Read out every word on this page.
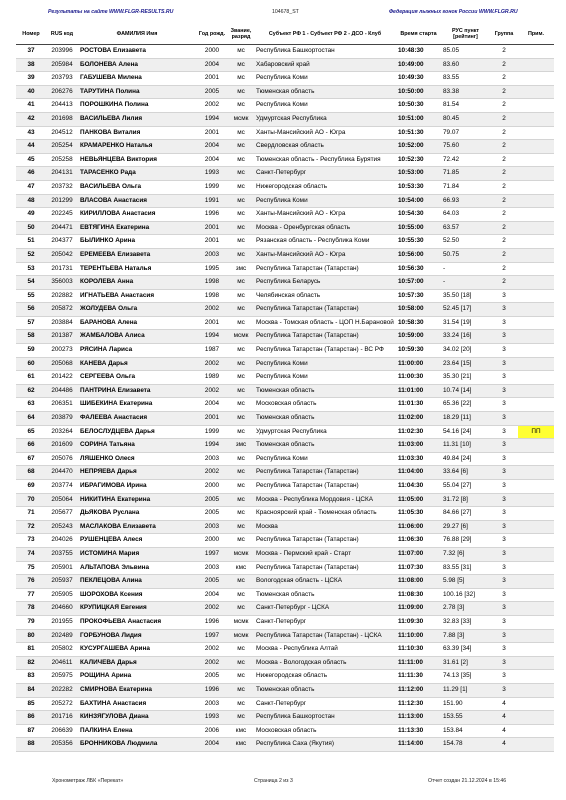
Результаты на сайте WWW.FLGR-RESULTS.RU	104678_ST	Федерация лыжных гонок России WWW.FLGR.RU
Номер	RUS код	ФАМИЛИЯ Имя	Год рожд.	Звание, разряд	Субъект РФ 1 - Субъект РФ 2 - ДСО - Клуб	Время старта	РУС пункт [рейтинг]	Группа	Прим.
37	203996	РОСТОВА Елизавета	2000	мс	Республика Башкортостан	10:48:30	85.05	2	
38	205984	БОЛОНЕВА Алена	2004	мс	Хабаровский край	10:49:00	83.60	2	
39	203793	ГАБУШЕВА Милена	2001	мс	Республика Коми	10:49:30	83.55	2	
40	206276	ТАРУТИНА Полина	2005	мс	Тюменская область	10:50:00	83.38	2	
41	204413	ПОРОШКИНА Полина	2002	мс	Республика Коми	10:50:30	81.54	2	
42	201698	ВАСИЛЬЕВА Лилия	1994	мсмк	Удмуртская Республика	10:51:00	80.45	2	
43	204512	ПАНКОВА Виталия	2001	мс	Ханты-Мансийский АО - Югра	10:51:30	79.07	2	
44	205254	КРАМАРЕНКО Наталья	2004	мс	Свердловская область	10:52:00	75.60	2	
45	205258	НЕВЬЯНЦЕВА Виктория	2004	мс	Тюменская область - Республика Бурятия	10:52:30	72.42	2	
46	204131	ТАРАСЕНКО Рада	1993	мс	Санкт-Петербург	10:53:00	71.85	2	
47	203732	ВАСИЛЬЕВА Ольга	1999	мс	Нижегородская область	10:53:30	71.84	2	
48	201299	ВЛАСОВА Анастасия	1991	мс	Республика Коми	10:54:00	66.93	2	
49	202245	КИРИЛЛОВА Анастасия	1996	мс	Ханты-Мансийский АО - Югра	10:54:30	64.03	2	
50	204471	ЕВТЯГИНА Екатерина	2001	мс	Москва - Оренбургская область	10:55:00	63.57	2	
51	204377	БЫЛИНКО Арина	2001	мс	Рязанская область - Республика Коми	10:55:30	52.50	2	
52	205042	ЕРЕМЕЕВА Елизавета	2003	мс	Ханты-Мансийский АО - Югра	10:56:00	50.75	2	
53	201731	ТЕРЕНТЬЕВА Наталья	1995	змс	Республика Татарстан (Татарстан)	10:56:30	-	2	
54	356003	КОРОЛЕВА Анна	1998	мс	Республика Беларусь	10:57:00	-	2	
55	202882	ИГНАТЬЕВА Анастасия	1998	мс	Челябинская область	10:57:30	35.50 [18]	3	
56	205872	ЖОЛУДЕВА Ольга	2002	мс	Республика Татарстан (Татарстан)	10:58:00	52.45 [17]	3	
57	203884	БАРАНОВА Алена	2001	мс	Москва - Томская область - ЦОП Н.Барановой	10:58:30	31.54 [19]	3	
58	201387	ЖАМБАЛОВА Алиса	1994	мсмк	Республика Татарстан (Татарстан)	10:59:00	33.24 [16]	3	
59	200273	РЯСИНА Лариса	1987	мс	Республика Татарстан (Татарстан) - ВС РФ	10:59:30	34.02 [20]	3	
60	205068	КАНЕВА Дарья	2002	мс	Республика Коми	11:00:00	23.64 [15]	3	
61	201422	СЕРГЕЕВА Ольга	1989	мс	Республика Коми	11:00:30	35.30 [21]	3	
62	204486	ПАНТРИНА Елизавета	2002	мс	Тюменская область	11:01:00	10.74 [14]	3	
63	206351	ШИБЕКИНА Екатерина	2004	мс	Московская область	11:01:30	65.36 [22]	3	
64	203879	ФАЛЕЕВА Анастасия	2001	мс	Тюменская область	11:02:00	18.29 [11]	3	
65	203264	БЕЛОСЛУДЦЕВА Дарья	1999	мс	Удмуртская Республика	11:02:30	54.16 [24]	3	ПП
66	201609	СОРИНА Татьяна	1994	змс	Тюменская область	11:03:00	11.31 [10]	3	
67	205076	ЛЯШЕНКО Олеся	2003	мс	Республика Коми	11:03:30	49.84 [24]	3	
68	204470	НЕПРЯЕВА Дарья	2002	мс	Республика Татарстан (Татарстан)	11:04:00	33.64 [6]	3	
69	203774	ИБРАГИМОВА Ирина	2000	мс	Республика Татарстан (Татарстан)	11:04:30	55.04 [27]	3	
70	205064	НИКИТИНА Екатерина	2005	мс	Москва - Республика Мордовия - ЦСКА	11:05:00	31.72 [8]	3	
71	205677	ДЬЯКОВА Руслана	2005	мс	Красноярский край - Тюменская область	11:05:30	84.66 [27]	3	
72	205243	МАСЛАКОВА Елизавета	2003	мс	Москва	11:06:00	29.27 [6]	3	
73	204026	РУШЕНЦЕВА Алеся	2000	мс	Республика Татарстан (Татарстан)	11:06:30	76.88 [29]	3	
74	203755	ИСТОМИНА Мария	1997	мсмк	Москва - Пермский край - Старт	11:07:00	7.32 [6]	3	
75	205901	АЛЬТАПОВА Эльвина	2003	кмс	Республика Татарстан (Татарстан)	11:07:30	83.55 [31]	3	
76	205937	ПЕКЛЕЦОВА Алина	2005	мс	Вологодская область - ЦСКА	11:08:00	5.98 [5]	3	
77	205905	ШОРОХОВА Ксения	2004	мс	Тюменская область	11:08:30	100.16 [32]	3	
78	204660	КРУПИЦКАЯ Евгения	2002	мс	Санкт-Петербург - ЦСКА	11:09:00	2.78 [3]	3	
79	201955	ПРОКОФЬЕВА Анастасия	1996	мсмк	Санкт-Петербург	11:09:30	32.83 [33]	3	
80	202489	ГОРБУНОВА Лидия	1997	мсмк	Республика Татарстан (Татарстан) - ЦСКА	11:10:00	7.88 [3]	3	
81	205802	КУСУРГАШЕВА Арина	2002	мс	Москва - Республика Алтай	11:10:30	63.39 [34]	3	
82	204611	КАЛИЧЕВА Дарья	2002	мс	Москва - Вологодская область	11:11:00	31.61 [2]	3	
83	205975	РОЩИНА Арина	2005	мс	Нижегородская область	11:11:30	74.13 [35]	3	
84	202282	СМИРНОВА Екатерина	1996	мс	Тюменская область	11:12:00	11.29 [1]	3	
85	205272	БАХТИНА Анастасия	2003	мс	Санкт-Петербург	11:12:30	151.90	4	
86	201716	КИНЗЯГУЛОВА Диана	1993	мс	Республика Башкортостан	11:13:00	153.55	4	
87	206639	ПАЛКИНА Елена	2006	кмс	Московская область	11:13:30	153.84	4	
88	205356	БРОННИКОВА Людмила	2004	кмс	Республика Саха (Якутия)	11:14:00	154.78	4	
Хронометраж ЛБК «Перекат»	Страница 2 из 3	Отчет создан 21.12.2024 в 15:46
